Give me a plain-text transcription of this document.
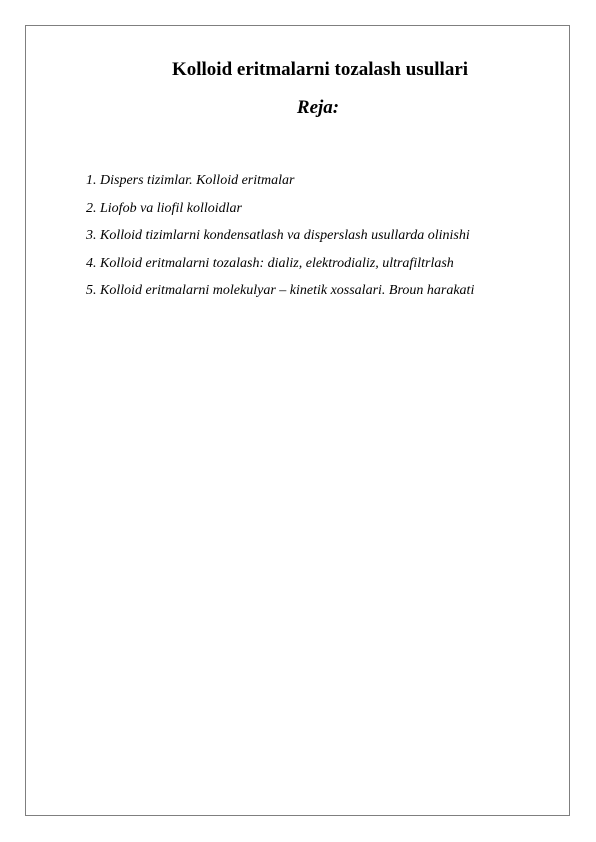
Kolloid eritmalarni tozalash usullari
Reja:
1. Dispers tizimlar. Kolloid eritmalar
2. Liofob va liofil kolloidlar
3. Kolloid tizimlarni kondensatlash va disperslash usullarda olinishi
4. Kolloid eritmalarni tozalash: dializ, elektrodializ, ultrafiltrlash
5. Kolloid eritmalarni molekulyar – kinetik xossalari. Broun harakati
